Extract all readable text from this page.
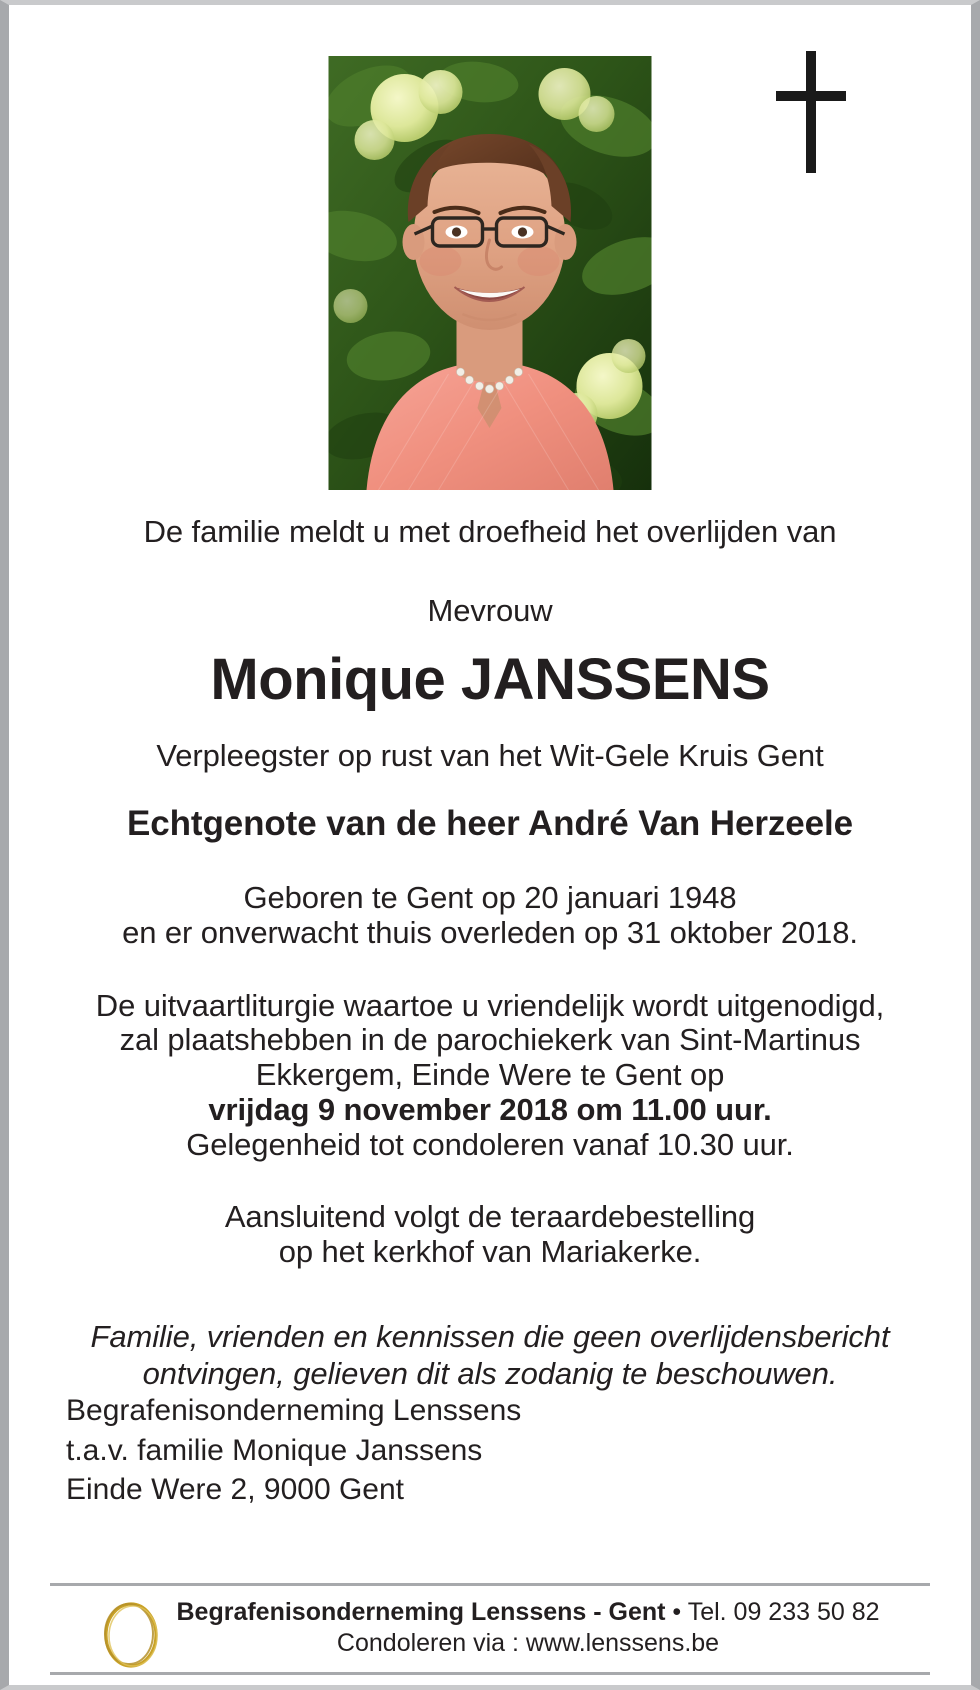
De familie meldt u met droefheid het overlijden van
Mevrouw
Monique JANSSENS
Verpleegster op rust van het Wit-Gele Kruis Gent
Echtgenote van de heer André Van Herzeele
Geboren te Gent op 20 januari 1948
en er onverwacht thuis overleden op 31 oktober 2018.
De uitvaartliturgie waartoe u vriendelijk wordt uitgenodigd,
zal plaatshebben in de parochiekerk van Sint-Martinus
Ekkergem, Einde Were te Gent op
vrijdag 9 november 2018 om 11.00 uur.
Gelegenheid tot condoleren vanaf 10.30 uur.
Aansluitend volgt de teraardebestelling
op het kerkhof van Mariakerke.
Familie, vrienden en kennissen die geen overlijdensbericht
ontvingen, gelieven dit als zodanig te beschouwen.
Begrafenisonderneming Lenssens
t.a.v. familie Monique Janssens
Einde Were 2, 9000 Gent
Begrafenisonderneming Lenssens - Gent • Tel. 09 233 50 82
Condoleren via : www.lenssens.be
